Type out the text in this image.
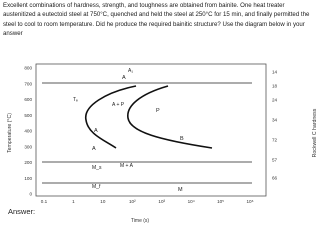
Excellent combinations of hardness, strength, and toughness are obtained from bainite. One heat treater austenitized a eutectoid steel at 750°C, quenched and held the steel at 250°C for 15 min, and finally permitted the steel to cool to room temperature. Did he produce the required bainitic structure? Use the diagram below in your answer
Temperature (°C)	Rockwell C hardness
Time (s)
800
700
600
500
400
300
200
100
0
0.1	1	10	10²	10³	10⁴	10⁵	10⁶
14
18
24
34
72
57
66
A
A₁
A + P
P
Tₑ
A
B
A
M_s	M + A
M_f	M
Answer:
